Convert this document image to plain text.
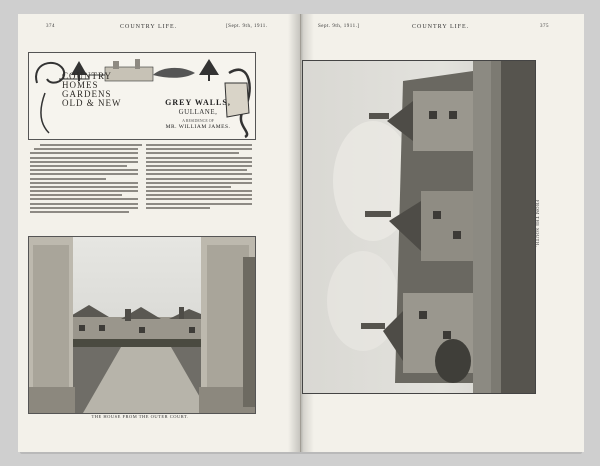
374	COUNTRY LIFE.	[Sept. 9th, 1911.
COUNTRY
HOMES
GARDENS
OLD & NEW	GREY WALLS,
GULLANE,
A RESIDENCE OF
MR. WILLIAM JAMES.
THE HOUSE FROM THE OUTER COURT.
Sept. 9th, 1911.]	COUNTRY LIFE.	375
FROM THE SOUTH.
